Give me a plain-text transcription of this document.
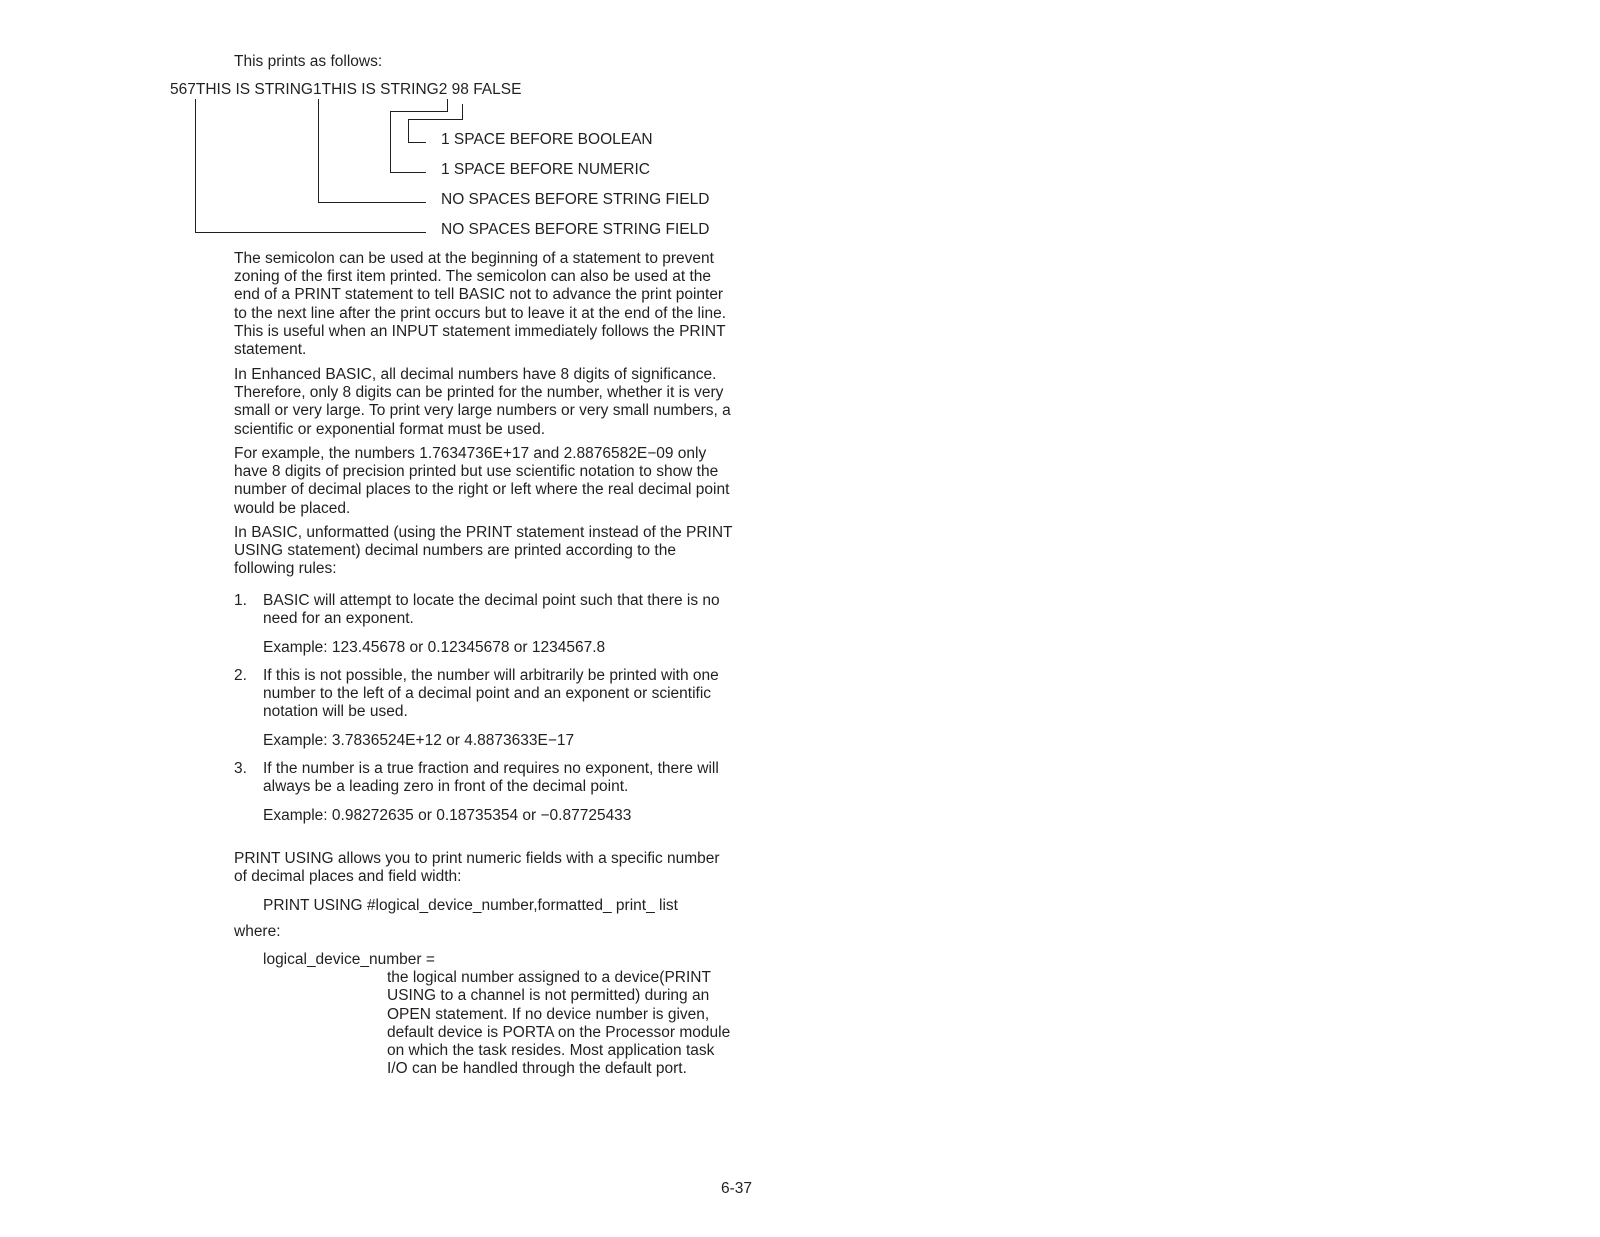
This prints as follows:

567THIS IS STRING1THIS IS STRING2 98 FALSE

1 SPACE BEFORE BOOLEAN

1 SPACE BEFORE NUMERIC

NO SPACES BEFORE STRING FIELD

NO SPACES BEFORE STRING FIELD

The semicolon can be used at the beginning of a statement to prevent zoning of the first item printed. The semicolon can also be used at the end of a PRINT statement to tell BASIC not to advance the print pointer to the next line after the print occurs but to leave it at the end of the line. This is useful when an INPUT statement immediately follows the PRINT statement.

In Enhanced BASIC, all decimal numbers have 8 digits of significance. Therefore, only 8 digits can be printed for the number, whether it is very small or very large. To print very large numbers or very small numbers, a scientific or exponential format must be used.

For example, the numbers 1.7634736E+17 and 2.8876582E−09 only have 8 digits of precision printed but use scientific notation to show the number of decimal places to the right or left where the real decimal point would be placed.

In BASIC, unformatted (using the PRINT statement instead of the PRINT USING statement) decimal numbers are printed according to the following rules:

1. BASIC will attempt to locate the decimal point such that there is no need for an exponent.

Example: 123.45678 or 0.12345678 or 1234567.8
2. If this is not possible, the number will arbitrarily be printed with one number to the left of a decimal point and an exponent or scientific notation will be used.

Example: 3.7836524E+12 or 4.8873633E−17
3. If the number is a true fraction and requires no exponent, there will always be a leading zero in front of the decimal point.

Example: 0.98272635 or 0.18735354 or −0.87725433

PRINT USING allows you to print numeric fields with a specific number of decimal places and field width:

PRINT USING #logical_device_number,formatted_ print_ list
where:
logical_device_number =

the logical number assigned to a device(PRINT USING to a channel is not permitted) during an OPEN statement. If no device number is given, default device is PORTA on the Processor module on which the task resides. Most application task I/O can be handled through the default port.

6-37
